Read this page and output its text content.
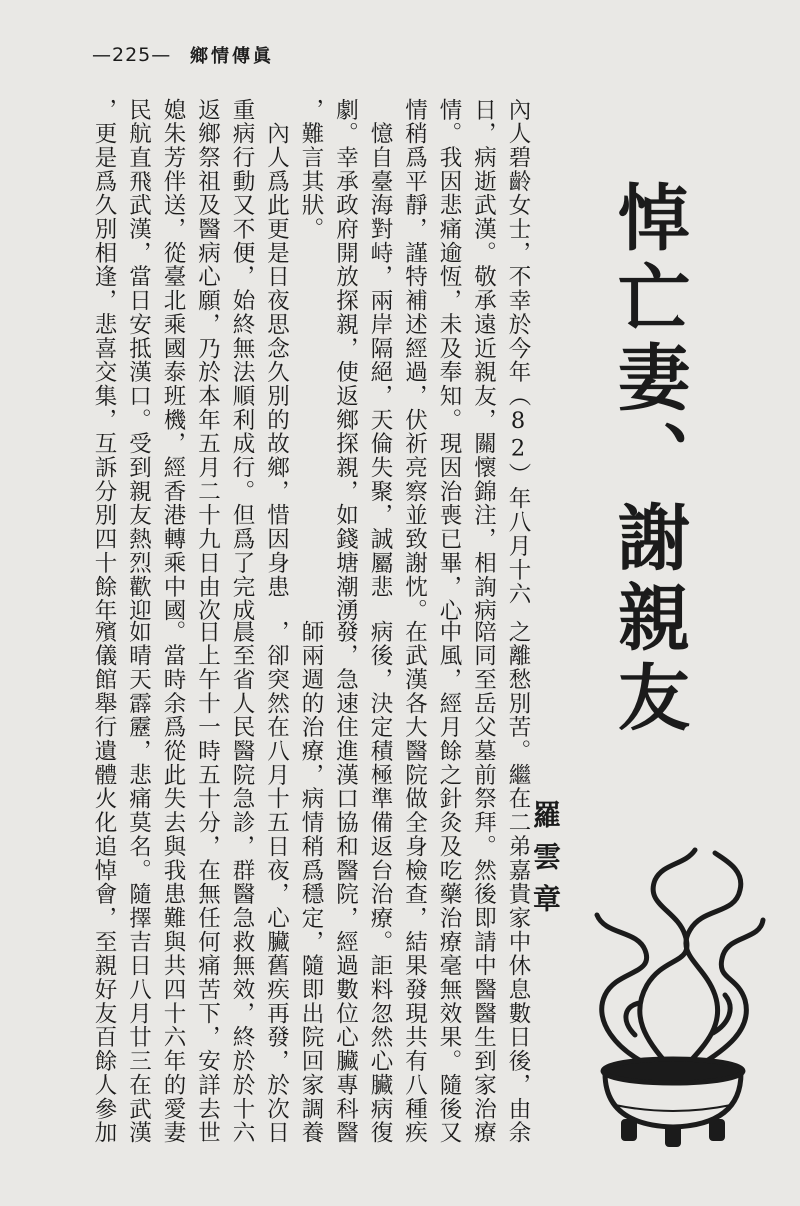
—225— 鄉情傳眞

內人碧齡女士，不幸於今年（82）年八月十六
日，病逝武漢。敬承遠近親友，關懷錦注，相詢病
情。我因悲痛逾恆，未及奉知。現因治喪已畢，心
情稍爲平靜，謹特補述經過，伏祈亮察並致謝忱。
　憶自臺海對峙，兩岸隔絕，天倫失聚，誠屬悲
劇。幸承政府開放探親，使返鄉探親，如錢塘潮湧
，難言其狀。
　內人爲此更是日夜思念久別的故鄉，惜因身患
重病行動又不便，始終無法順利成行。但爲了完成
返鄉祭祖及醫病心願，乃於本年五月二十九日由次
媳朱芳伴送，從臺北乘國泰班機，經香港轉乘中國
民航直飛武漢，當日安抵漢口。受到親友熱烈歡迎
，更是爲久別相逢，悲喜交集，互訴分別四十餘年

之離愁別苦。繼在二弟嘉貴家中休息數日後，由余
陪同至岳父墓前祭拜。然後即請中醫醫生到家治療
中風，經月餘之針灸及吃藥治療毫無效果。隨後又
在武漢各大醫院做全身檢查，結果發現共有八種疾
病後，決定積極準備返台治療。詎料忽然心臟病復
發，急速住進漢口協和醫院，經過數位心臟專科醫
師兩週的治療，病情稍爲穩定，隨即出院回家調養
，卻突然在八月十五日夜，心臟舊疾再發，於次日
晨至省人民醫院急診，群醫急救無效，終於於十六
日上午十一時五十分，在無任何痛苦下，安詳去世
。當時余爲從此失去與我患難與共四十六年的愛妻
如晴天霹靂，悲痛莫名。隨擇吉日八月廿三在武漢
殯儀館舉行遺體火化追悼會，至親好友百餘人參加

悼亡妻、謝親友
羅雲章
